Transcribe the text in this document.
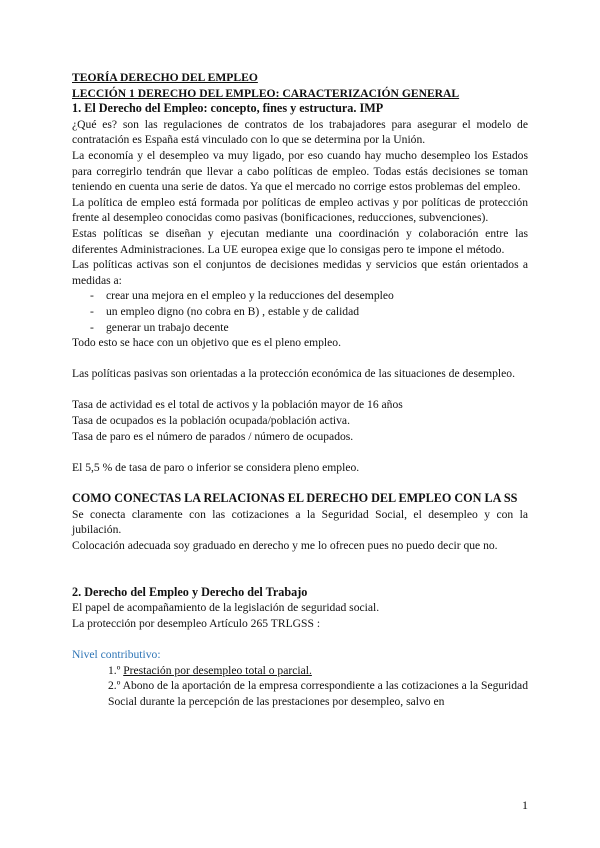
TEORÍA DERECHO DEL EMPLEO

LECCIÓN 1 DERECHO DEL EMPLEO: CARACTERIZACIÓN GENERAL

1. El Derecho del Empleo: concepto, fines y estructura. IMP

¿Qué es? son las regulaciones de contratos de los trabajadores para asegurar el modelo de contratación es España está vinculado con lo que se determina por la Unión.

La economía y el desempleo va muy ligado, por eso cuando hay mucho desempleo los Estados para corregirlo tendrán que llevar a cabo políticas de empleo. Todas estás decisiones se toman teniendo en cuenta una serie de datos. Ya que el mercado no corrige estos problemas del empleo.

La política de empleo está formada por políticas de empleo activas y por políticas de protección frente al desempleo conocidas como pasivas (bonificaciones, reducciones, subvenciones).

Estas políticas se diseñan y ejecutan mediante una coordinación y colaboración entre las diferentes Administraciones. La UE europea exige que lo consigas pero te impone el método.

Las políticas activas son el conjuntos de decisiones medidas y servicios que están orientados a medidas a:

- crear una mejora en el empleo y la reducciones del desempleo
- un empleo digno (no cobra en B) , estable y de calidad
- generar un trabajo decente

Todo esto se hace con un objetivo que es el pleno empleo.

Las políticas pasivas son orientadas a la protección económica de las situaciones de desempleo.

Tasa de actividad es el total de activos y la población mayor de 16 años

Tasa de ocupados es la población ocupada/población activa.

Tasa de paro es el número de parados / número de ocupados.

El 5,5 % de tasa de paro o inferior se considera pleno empleo.

COMO CONECTAS LA RELACIONAS EL DERECHO DEL EMPLEO CON LA SS

Se conecta claramente con las cotizaciones a la Seguridad Social, el desempleo y con la jubilación.

Colocación adecuada soy graduado en derecho y me lo ofrecen pues no puedo decir que no.

2. Derecho del Empleo y Derecho del Trabajo

El papel de acompañamiento de la legislación de seguridad social.

La protección por desempleo Artículo 265 TRLGSS :

Nivel contributivo:

1.º Prestación por desempleo total o parcial.

2.º Abono de la aportación de la empresa correspondiente a las cotizaciones a la Seguridad Social durante la percepción de las prestaciones por desempleo, salvo en

1
